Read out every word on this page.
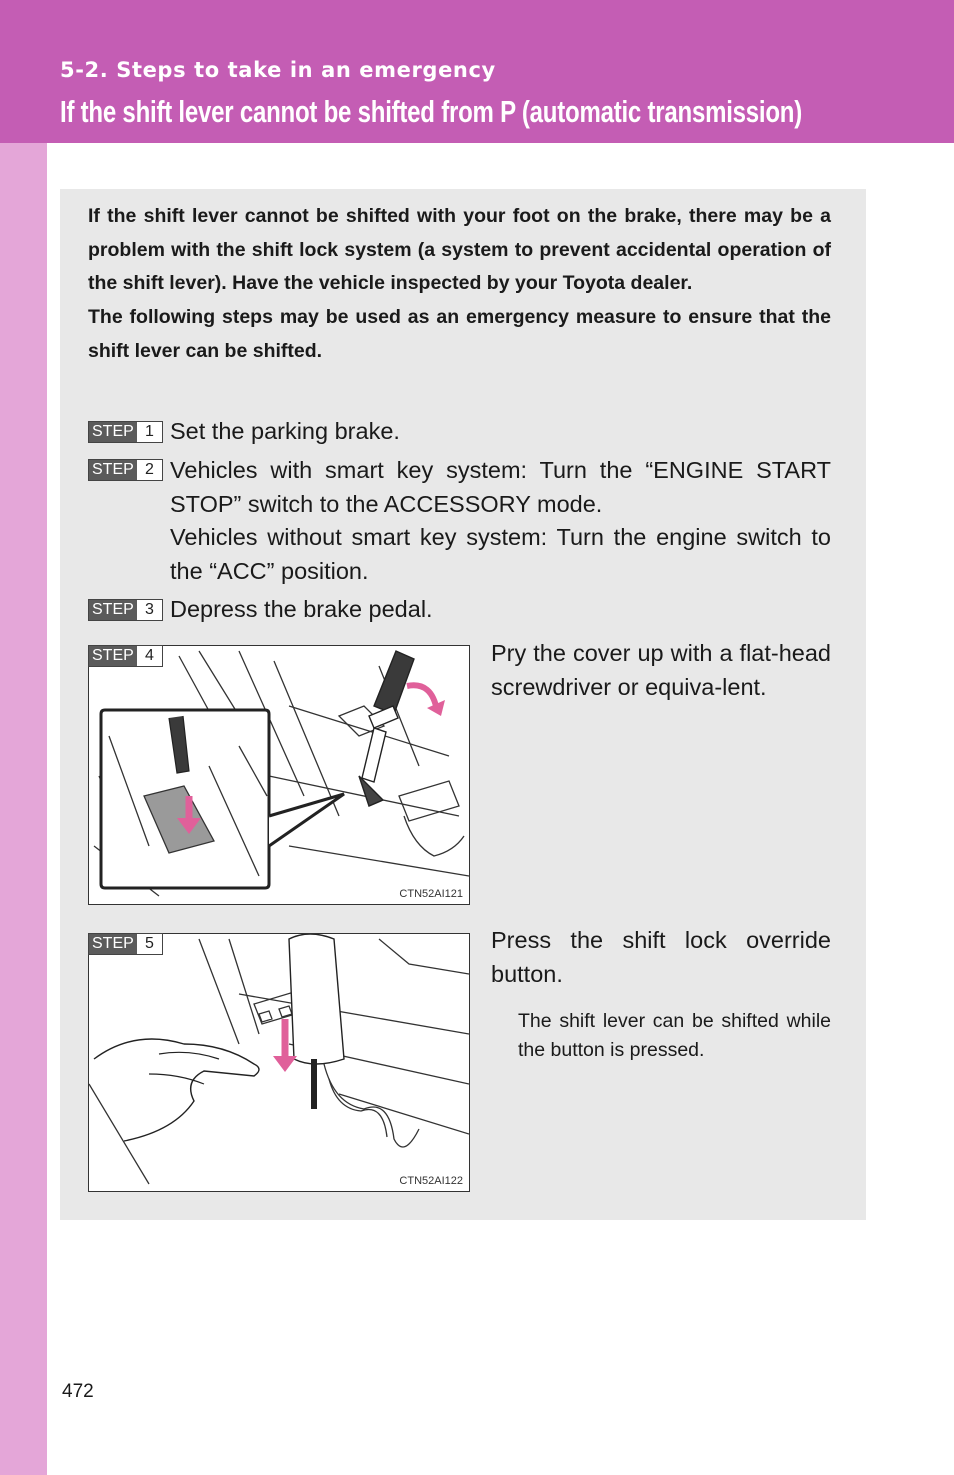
5-2. Steps to take in an emergency
If the shift lever cannot be shifted from P (automatic transmission)

If the shift lever cannot be shifted with your foot on the brake, there may be a problem with the shift lock system (a system to prevent accidental operation of the shift lever). Have the vehicle inspected by your Toyota dealer.

The following steps may be used as an emergency measure to ensure that the shift lever can be shifted.

STEP 1 Set the parking brake.
STEP 2 Vehicles with smart key system: Turn the “ENGINE START STOP” switch to the ACCESSORY mode.
Vehicles without smart key system: Turn the engine switch to the “ACC” position.
STEP 3 Depress the brake pedal.
STEP 4
CTN52AI121
Pry the cover up with a flat-head screwdriver or equiva-lent.
STEP 5
CTN52AI122
Press the shift lock override button.
The shift lever can be shifted while the button is pressed.
472
